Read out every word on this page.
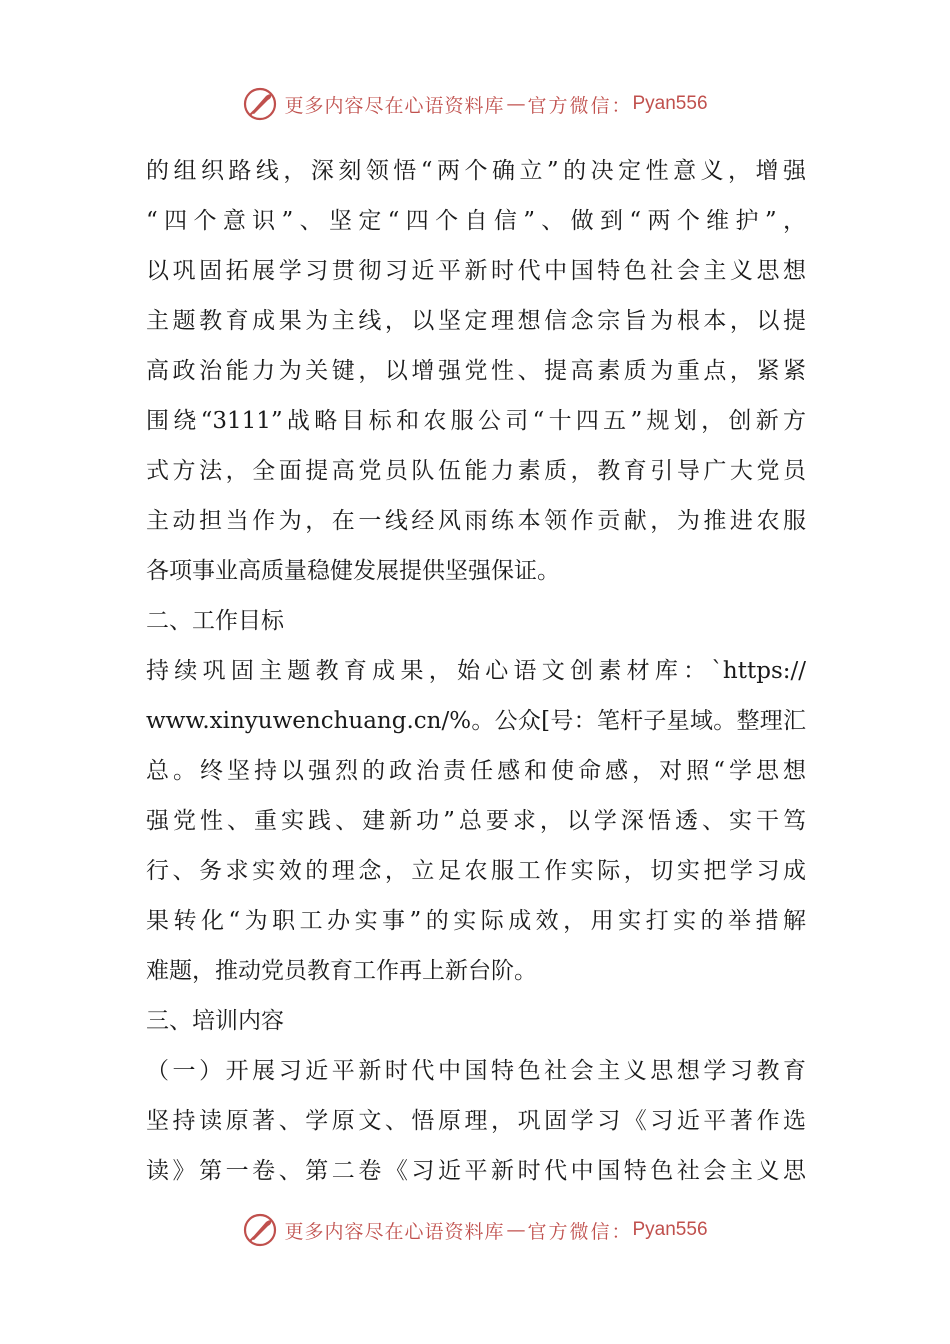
更多内容尽在心语资料库 — 官方微信： Pyan556
的组织路线，深刻领悟“两个确立”的决定性意义，增强
“四个意识”、坚定“四个自信”、做到“两个维护”，
以巩固拓展学习贯彻习近平新时代中国特色社会主义思想
主题教育成果为主线，以坚定理想信念宗旨为根本，以提
高政治能力为关键，以增强党性、提高素质为重点，紧紧
围绕“3111”战略目标和农服公司“十四五”规划，创新方
式方法，全面提高党员队伍能力素质，教育引导广大党员
主动担当作为，在一线经风雨练本领作贡献，为推进农服
各项事业高质量稳健发展提供坚强保证。
二、工作目标
持续巩固主题教育成果，始心语文创素材库：`https://
www.xinyuwenchuang.cn/%。公众[号：笔杆子星域。整理汇
总。终坚持以强烈的政治责任感和使命感，对照“学思想
强党性、重实践、建新功”总要求，以学深悟透、实干笃
行、务求实效的理念，立足农服工作实际，切实把学习成
果转化“为职工办实事”的实际成效，用实打实的举措解
难题，推动党员教育工作再上新台阶。
三、培训内容
（一）开展习近平新时代中国特色社会主义思想学习教育
坚持读原著、学原文、悟原理，巩固学习《习近平著作选
读》第一卷、第二卷《习近平新时代中国特色社会主义思
更多内容尽在心语资料库 — 官方微信： Pyan556
